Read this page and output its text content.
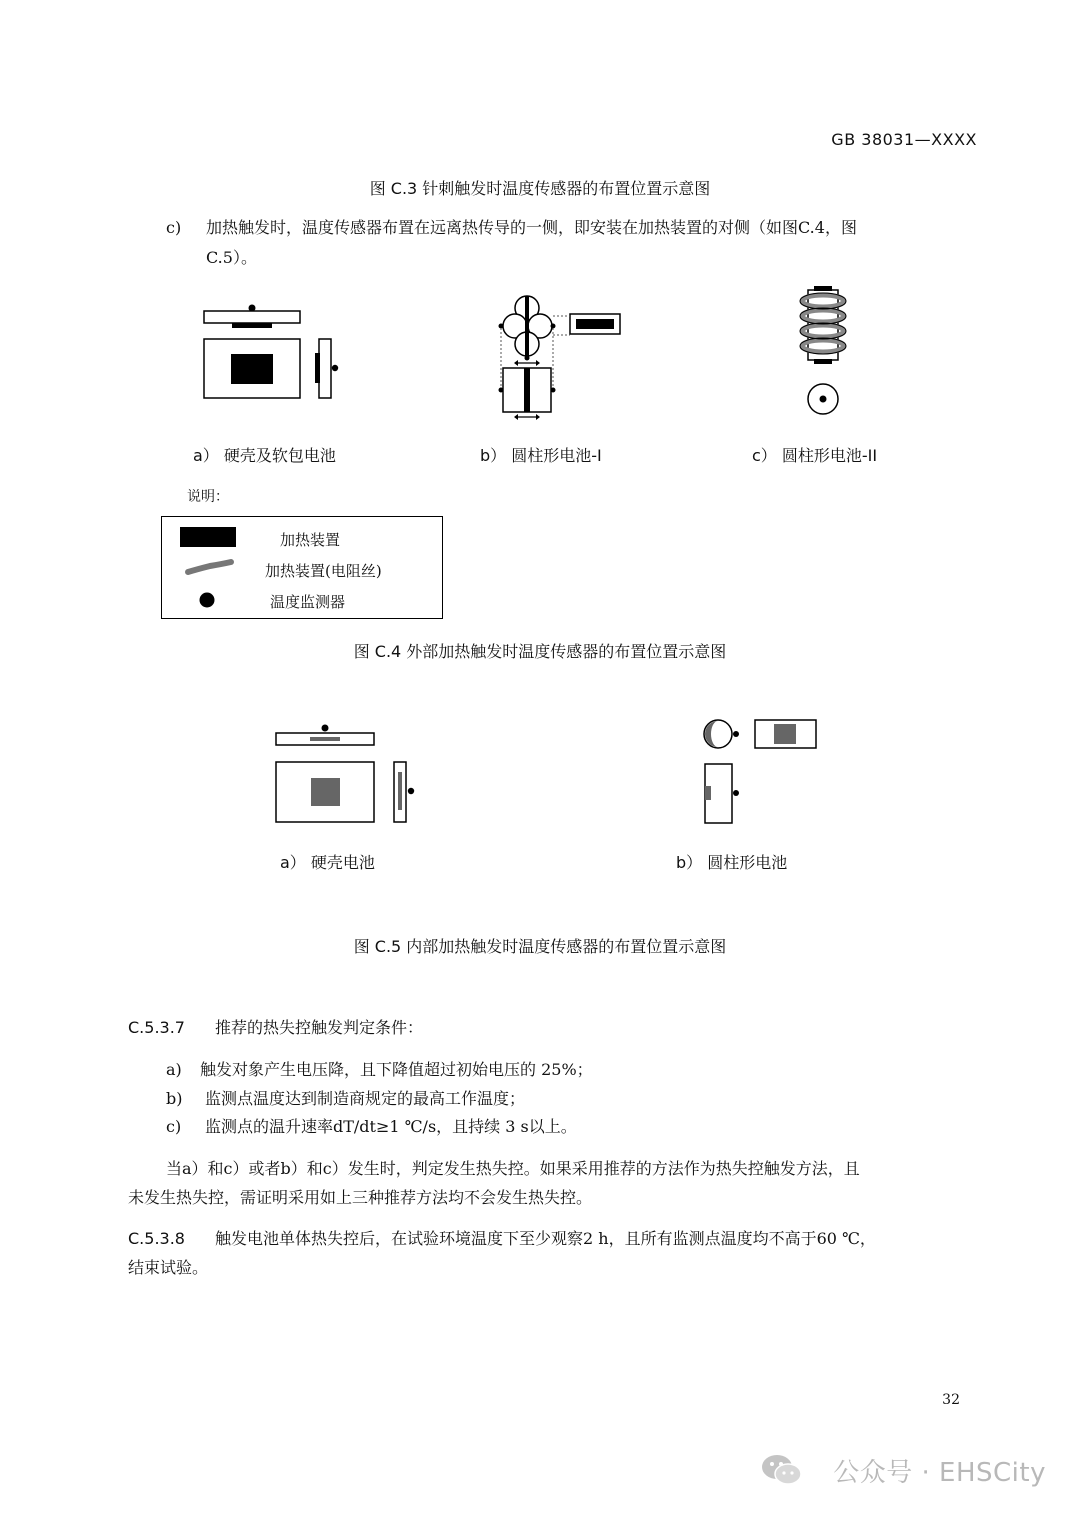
GB 38031—XXXX
图 C.3 针刺触发时温度传感器的布置位置示意图
c) 加热触发时，温度传感器布置在远离热传导的一侧，即安装在加热装置的对侧（如图C.4，图
C.5）。
a） 硬壳及软包电池	b） 圆柱形电池-I	c） 圆柱形电池-II
说明：
加热装置
加热装置(电阻丝)
温度监测器
图 C.4 外部加热触发时温度传感器的布置位置示意图
a） 硬壳电池	b） 圆柱形电池
图 C.5 内部加热触发时温度传感器的布置位置示意图
C.5.3.7 推荐的热失控触发判定条件：
a) 触发对象产生电压降，且下降值超过初始电压的 25%；
b) 监测点温度达到制造商规定的最高工作温度；
c) 监测点的温升速率dT/dt≥1 ℃/s，且持续 3 s以上。
当a）和c）或者b）和c）发生时，判定发生热失控。如果采用推荐的方法作为热失控触发方法，且
未发生热失控，需证明采用如上三种推荐方法均不会发生热失控。
C.5.3.8 触发电池单体热失控后，在试验环境温度下至少观察2 h，且所有监测点温度均不高于60 ℃，
结束试验。
32
公众号 · EHSCity
